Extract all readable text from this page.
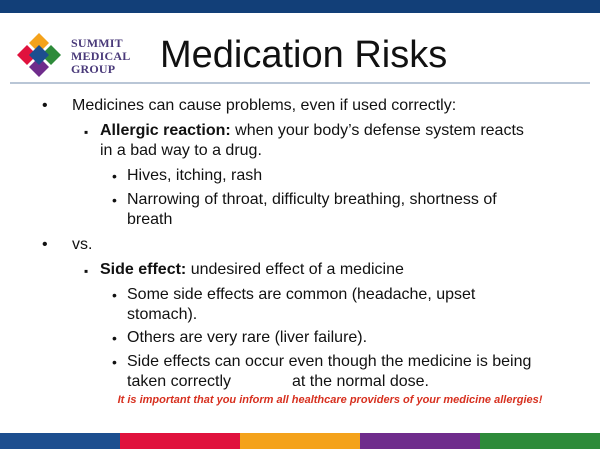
SUMMIT
MEDICAL
GROUP	Medication Risks
• Medicines can cause problems, even if used correctly:
▪ Allergic reaction: when your body’s defense system reacts
in a bad way to a drug.
• Hives, itching, rash
• Narrowing of throat, difficulty breathing, shortness of
breath
• vs.
▪ Side effect: undesired effect of a medicine
• Some side effects are common (headache, upset
stomach).
• Others are very rare (liver failure).
• Side effects can occur even though the medicine is being
taken correctly	at the normal dose.
It is important that you inform all healthcare providers of your medicine allergies!
